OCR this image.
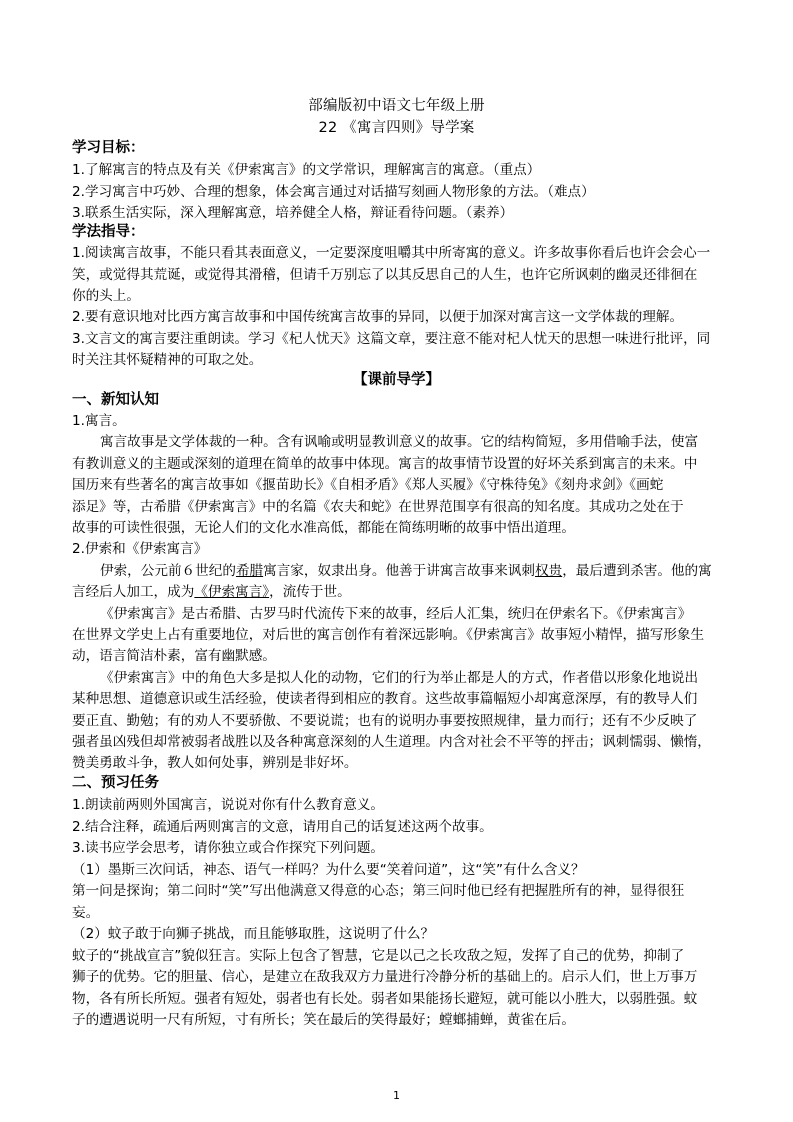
部编版初中语文七年级上册
22 《寓言四则》导学案
学习目标：
1.了解寓言的特点及有关《伊索寓言》的文学常识，理解寓言的寓意。（重点）
2.学习寓言中巧妙、合理的想象，体会寓言通过对话描写刻画人物形象的方法。（难点）
3.联系生活实际，深入理解寓意，培养健全人格，辩证看待问题。（素养）
学法指导：
1.阅读寓言故事，不能只看其表面意义，一定要深度咀嚼其中所寄寓的意义。许多故事你看后也许会会心一
笑，或觉得其荒诞，或觉得其滑稽，但请千万别忘了以其反思自己的人生，也许它所讽刺的幽灵还徘徊在
你的头上。
2.要有意识地对比西方寓言故事和中国传统寓言故事的异同，以便于加深对寓言这一文学体裁的理解。
3.文言文的寓言要注重朗读。学习《杞人忧天》这篇文章，要注意不能对杞人忧天的思想一味进行批评，同
时关注其怀疑精神的可取之处。
【课前导学】
一、新知认知
1.寓言。
寓言故事是文学体裁的一种。含有讽喻或明显教训意义的故事。它的结构简短，多用借喻手法，使富
有教训意义的主题或深刻的道理在简单的故事中体现。寓言的故事情节设置的好坏关系到寓言的未来。中
国历来有些著名的寓言故事如《揠苗助长》《自相矛盾》《郑人买履》《守株待兔》《刻舟求剑》《画蛇
添足》等，古希腊《伊索寓言》中的名篇《农夫和蛇》在世界范围享有很高的知名度。其成功之处在于
故事的可读性很强，无论人们的文化水准高低，都能在简练明晰的故事中悟出道理。
2.伊索和《伊索寓言》
伊索，公元前６世纪的希腊寓言家，奴隶出身。他善于讲寓言故事来讽刺权贵，最后遭到杀害。他的寓
言经后人加工，成为《伊索寓言》，流传于世。
《伊索寓言》是古希腊、古罗马时代流传下来的故事，经后人汇集，统归在伊索名下。《伊索寓言》
在世界文学史上占有重要地位，对后世的寓言创作有着深远影响。《伊索寓言》故事短小精悍，描写形象生
动，语言简洁朴素，富有幽默感。
《伊索寓言》中的角色大多是拟人化的动物，它们的行为举止都是人的方式，作者借以形象化地说出
某种思想、道德意识或生活经验，使读者得到相应的教育。这些故事篇幅短小却寓意深厚，有的教导人们
要正直、勤勉；有的劝人不要骄傲、不要说谎；也有的说明办事要按照规律，量力而行；还有不少反映了
强者虽凶残但却常被弱者战胜以及各种寓意深刻的人生道理。内含对社会不平等的抨击；讽刺懦弱、懒惰，
赞美勇敢斗争，教人如何处事，辨别是非好坏。
二、预习任务
1.朗读前两则外国寓言，说说对你有什么教育意义。
2.结合注释，疏通后两则寓言的文意，请用自己的话复述这两个故事。
3.读书应学会思考，请你独立或合作探究下列问题。
（1）墨斯三次问话，神态、语气一样吗？为什么要“笑着问道”，这“笑”有什么含义？
第一问是探询；第二问时“笑”写出他满意又得意的心态；第三问时他已经有把握胜所有的神，显得很狂
妄。
（2）蚊子敢于向狮子挑战，而且能够取胜，这说明了什么？
蚊子的“挑战宣言”貌似狂言。实际上包含了智慧，它是以己之长攻敌之短，发挥了自己的优势，抑制了
狮子的优势。它的胆量、信心，是建立在敌我双方力量进行冷静分析的基础上的。启示人们，世上万事万
物，各有所长所短。强者有短处，弱者也有长处。弱者如果能扬长避短，就可能以小胜大，以弱胜强。蚊
子的遭遇说明一尺有所短，寸有所长；笑在最后的笑得最好；螳螂捕蝉，黄雀在后。
1
